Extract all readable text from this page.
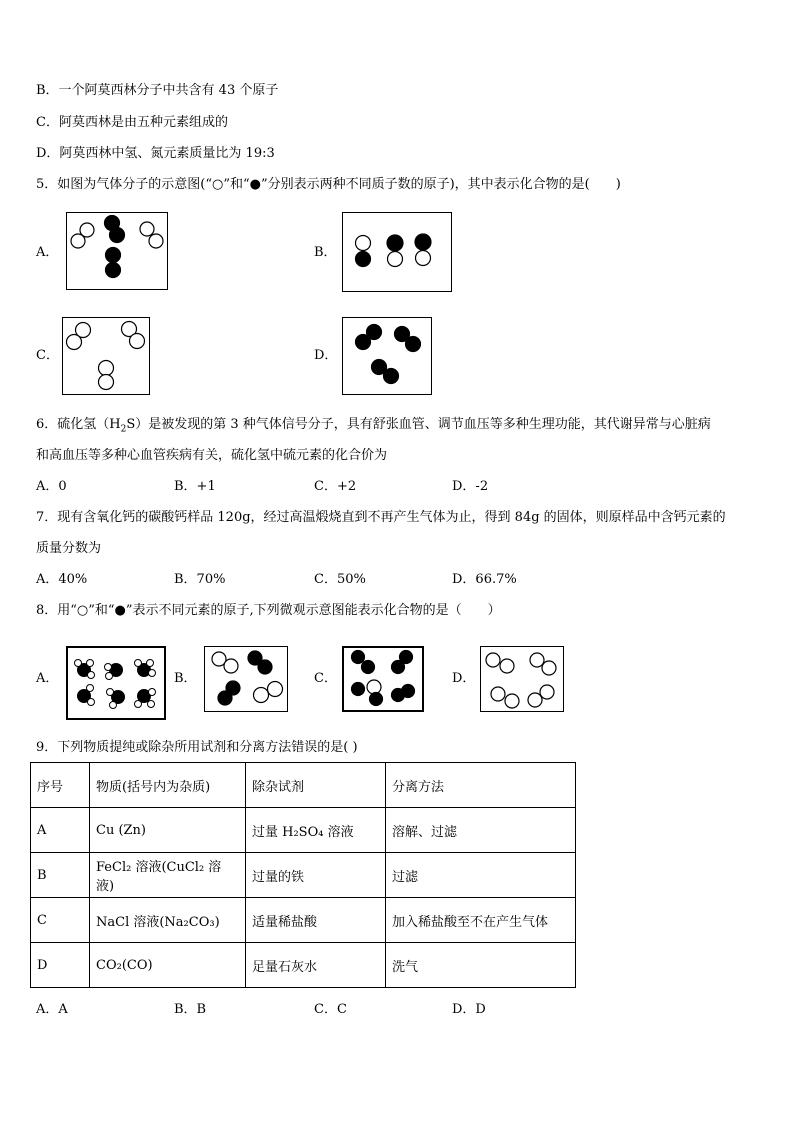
B．一个阿莫西林分子中共含有 43 个原子
C．阿莫西林是由五种元素组成的
D．阿莫西林中氢、氮元素质量比为 19:3
5．如图为气体分子的示意图(“○”和“●”分别表示两种不同质子数的原子)，其中表示化合物的是(　　)
A．	B．
C．	D．
6．硫化氢$(H_2S)$是被发现的第 3 种气体信号分子，具有舒张血管、调节血压等多种生理功能，其代谢异常与心脏病
和高血压等多种心血管疾病有关，硫化氢中硫元素的化合价为
A．0	B．+1	C．+2	D．-2
7．现有含氧化钙的碳酸钙样品 120g，经过高温煅烧直到不再产生气体为止，得到 84g 的固体，则原样品中含钙元素的
质量分数为
A．40%	B．70%	C．50%	D．66.7%
8．用“○”和“●”表示不同元素的原子,下列微观示意图能表示化合物的是（　　）
A．	B．	C．	D．
9．下列物质提纯或除杂所用试剂和分离方法错误的是( )
序号	物质(括号内为杂质)	除杂试剂	分离方法
A	Cu (Zn)	过量 H₂SO₄ 溶液	溶解、过滤
B	FeCl₂ 溶液(CuCl₂ 溶液)	过量的铁	过滤
C	NaCl 溶液(Na₂CO₃)	适量稀盐酸	加入稀盐酸至不在产生气体
D	CO₂(CO)	足量石灰水	洗气
A．A	B．B	C．C	D．D
